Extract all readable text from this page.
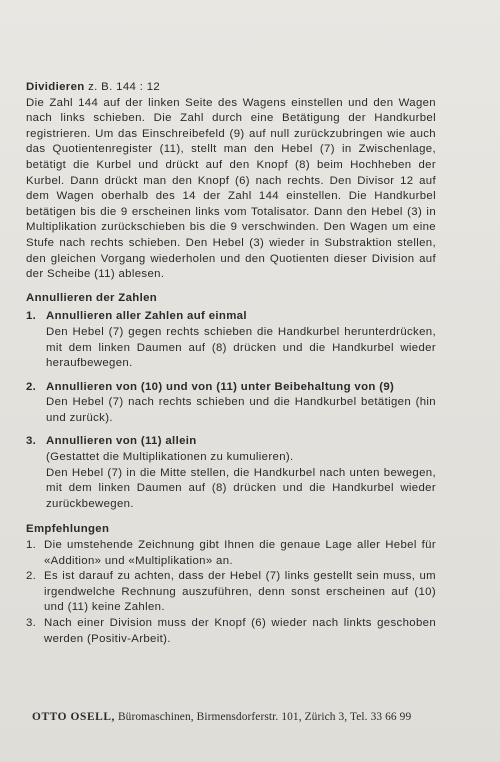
Dividieren z. B. 144 : 12
Die Zahl 144 auf der linken Seite des Wagens einstellen und den Wagen nach links schieben. Die Zahl durch eine Betätigung der Handkurbel registrieren. Um das Einschreibefeld (9) auf null zurückzubringen wie auch das Quotientenregister (11), stellt man den Hebel (7) in Zwischenlage, betätigt die Kurbel und drückt auf den Knopf (8) beim Hochheben der Kurbel. Dann drückt man den Knopf (6) nach rechts. Den Divisor 12 auf dem Wagen oberhalb des 14 der Zahl 144 einstellen. Die Handkurbel betätigen bis die 9 erscheinen links vom Totalisator. Dann den Hebel (3) in Multiplikation zurückschieben bis die 9 verschwinden. Den Wagen um eine Stufe nach rechts schieben. Den Hebel (3) wieder in Substraktion stellen, den gleichen Vorgang wiederholen und den Quotienten dieser Division auf der Scheibe (11) ablesen.

Annullieren der Zahlen

1. Annullieren aller Zahlen auf einmal
Den Hebel (7) gegen rechts schieben die Handkurbel herunterdrücken, mit dem linken Daumen auf (8) drücken und die Handkurbel wieder heraufbewegen.
2. Annullieren von (10) und von (11) unter Beibehaltung von (9)
Den Hebel (7) nach rechts schieben und die Handkurbel betätigen (hin und zurück).
3. Annullieren von (11) allein
(Gestattet die Multiplikationen zu kumulieren).
Den Hebel (7) in die Mitte stellen, die Handkurbel nach unten bewegen, mit dem linken Daumen auf (8) drücken und die Handkurbel wieder zurückbewegen.

Empfehlungen

1. Die umstehende Zeichnung gibt Ihnen die genaue Lage aller Hebel für «Addition» und «Multiplikation» an.
2. Es ist darauf zu achten, dass der Hebel (7) links gestellt sein muss, um irgendwelche Rechnung auszuführen, denn sonst erscheinen auf (10) und (11) keine Zahlen.
3. Nach einer Division muss der Knopf (6) wieder nach linkts geschoben werden (Positiv-Arbeit).
OTTO OSELL, Büromaschinen, Birmensdorferstr. 101, Zürich 3, Tel. 33 66 99
